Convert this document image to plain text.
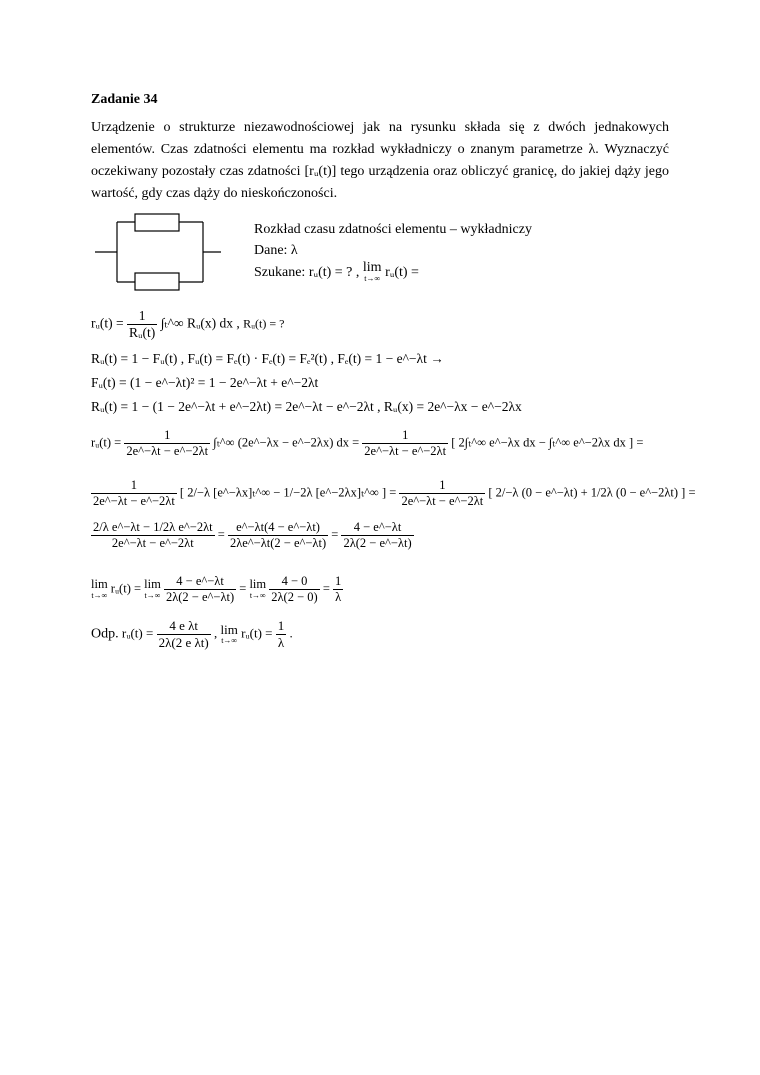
Zadanie 34
Urządzenie o strukturze niezawodnościowej jak na rysunku składa się z dwóch jednakowych elementów. Czas zdatności elementu ma rozkład wykładniczy o znanym parametrze λ. Wyznaczyć oczekiwany pozostały czas zdatności [rᵤ(t)] tego urządzenia oraz obliczyć granicę, do jakiej dąży jego wartość, gdy czas dąży do nieskończoności.
Rozkład czasu zdatności elementu – wykładniczy
Dane: λ
Szukane: rᵤ(t) = ? , lim
t→∞ rᵤ(t) =
rᵤ(t) = $\frac{1}{\text{Rᵤ(t)}}$ ∫ₜ^∞ Rᵤ(x) dx , Rᵤ(t) = ?
Rᵤ(t) = 1 − Fᵤ(t) , Fᵤ(t) = Fₑ(t) · Fₑ(t) = Fₑ²(t) , Fₑ(t) = 1 − e^−λt →
Fᵤ(t) = (1 − e^−λt)² = 1 − 2e^−λt + e^−2λt
Rᵤ(t) = 1 − (1 − 2e^−λt + e^−2λt) = 2e^−λt − e^−2λt , Rᵤ(x) = 2e^−λx − e^−2λx
rᵤ(t) = $\frac{1}{2e\^{}-\lambda t - e\^{}-2\lambda t}$ ∫ₜ^∞ (2e^−λx − e^−2λx) dx = $\frac{1}{2e\^{}-\lambda t - e\^{}-2\lambda t}$ [ 2∫ₜ^∞ e^−λx dx − ∫ₜ^∞ e^−2λx dx ] =
$\frac{1}{2e\^{}-\lambda t - e\^{}-2\lambda t}$ [ 2/−λ [e^−λx]ₜ^∞ − 1/−2λ [e^−2λx]ₜ^∞ ] = $\frac{1}{2e\^{}-\lambda t - e\^{}-2\lambda t}$ [ 2/−λ (0 − e^−λt) + 1/2λ (0 − e^−2λt) ] =
$\frac{\text{2/λ e\textasciicircum{}−λt − 1/2λ e\textasciicircum{}−2λt}}{2e\^{}-\lambda t - e\^{}-2\lambda t} = \frac{e\^{}-\lambda t(4 - e\^{}-\lambda t)}{2\lambda e\^{}-\lambda t(2 - e\^{}-\lambda t)} = \frac{4 - e\^{}-\lambda t}{2\lambda(2 - e\^{}-\lambda t)}$
lim
t→∞ rᵤ(t) = lim
t→∞
$\frac{4 - e\^{}-\lambda t}{2\lambda(2 - e\^{}-\lambda t)} = \lim$
t→∞
$\frac{4 - 0}{2\lambda(2 - 0)} = \frac{1}{\lambda}$
Odp. rᵤ(t) = $\frac{\text{4 e λt}}{\text{2λ(2 e λt)}}$ , lim
t→∞ rᵤ(t) = $\frac{1}{\lambda}$ .
